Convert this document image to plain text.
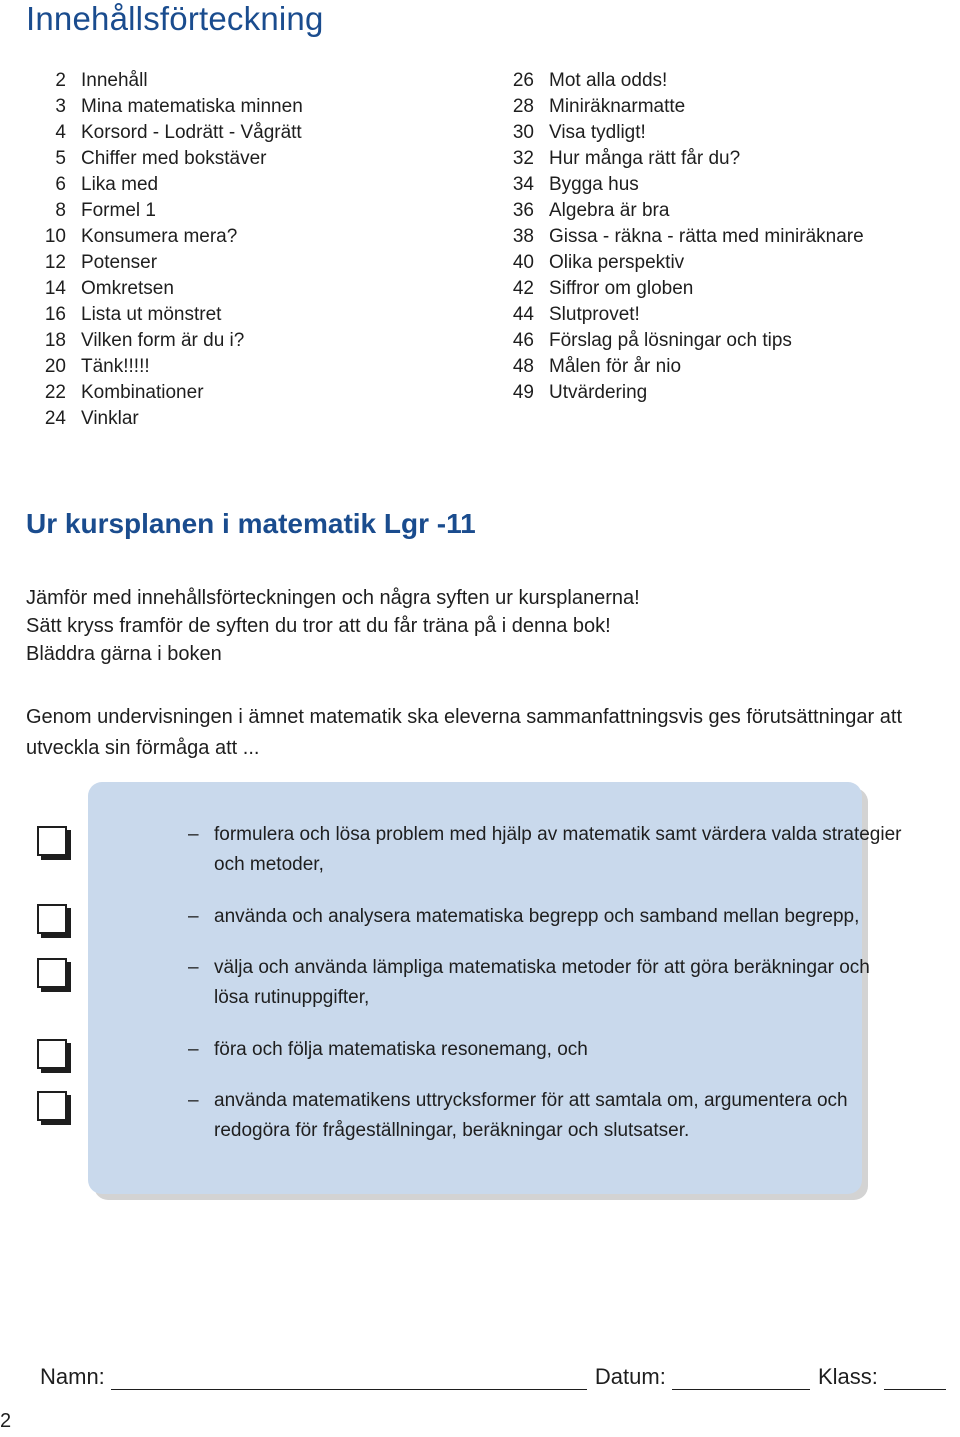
Innehållsförteckning
2 Innehåll
3 Mina matematiska minnen
4 Korsord - Lodrätt - Vågrätt
5 Chiffer med bokstäver
6 Lika med
8 Formel 1
10 Konsumera mera?
12 Potenser
14 Omkretsen
16 Lista ut mönstret
18 Vilken form är du i?
20 Tänk!!!!!
22 Kombinationer
24 Vinklar
26 Mot alla odds!
28 Miniräknarmatte
30 Visa tydligt!
32 Hur många rätt får du?
34 Bygga hus
36 Algebra är bra
38 Gissa - räkna - rätta med miniräknare
40 Olika perspektiv
42 Siffror om globen
44 Slutprovet!
46 Förslag på lösningar och tips
48 Målen för år nio
49 Utvärdering
Ur kursplanen i matematik Lgr -11

Jämför med innehållsförteckningen och några syften ur kursplanerna!

Sätt kryss framför de syften du tror att du får träna på i denna bok!

Bläddra gärna i boken

Genom undervisningen i ämnet matematik ska eleverna sammanfattningsvis ges förutsättningar att utveckla sin förmåga att ...
– formulera och lösa problem med hjälp av matematik samt värdera valda strategier och metoder,
– använda och analysera matematiska begrepp och samband mellan begrepp,
– välja och använda lämpliga matematiska metoder för att göra beräkningar och lösa rutinuppgifter,
– föra och följa matematiska resonemang, och
– använda matematikens uttrycksformer för att samtala om, argumentera och redogöra för frågeställningar, beräkningar och slutsatser.
Namn:	Datum:	Klass:
2
